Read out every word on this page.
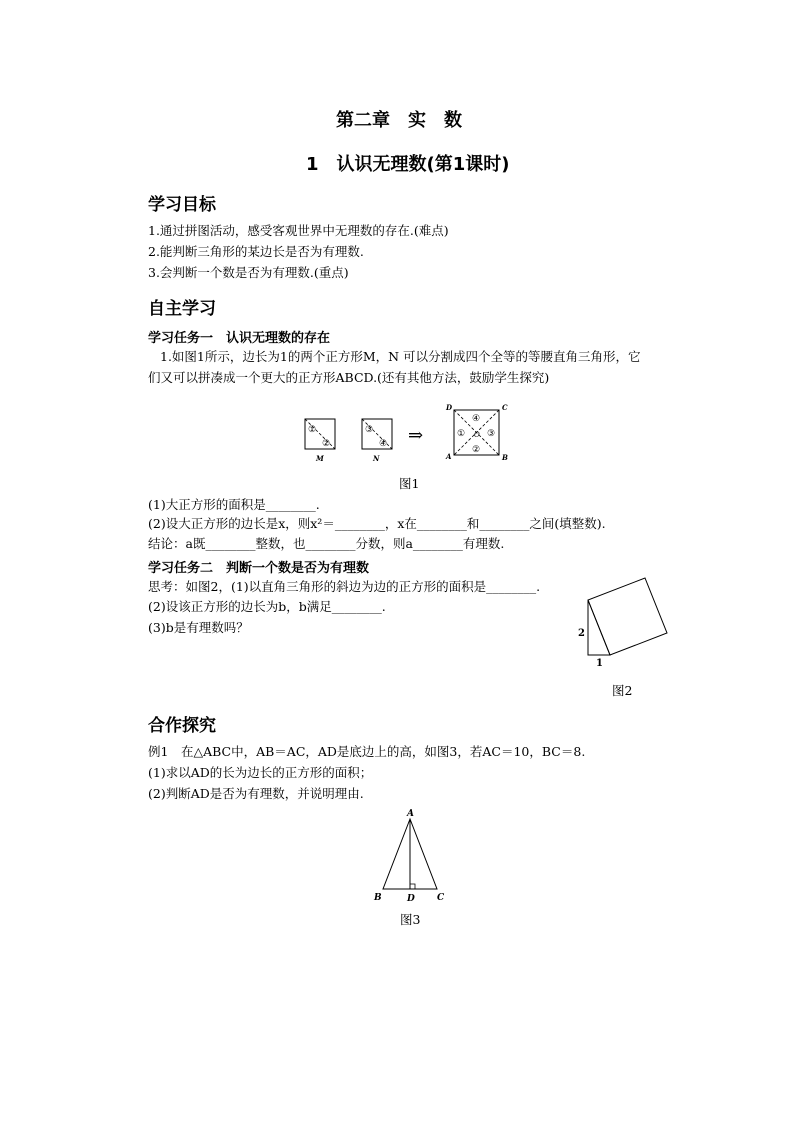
第二章　实　数
1　认识无理数(第1课时)
学习目标
1.通过拼图活动，感受客观世界中无理数的存在.(难点)
2.能判断三角形的某边长是否为有理数.
3.会判断一个数是否为有理数.(重点)
自主学习
学习任务一　认识无理数的存在
1.如图1所示，边长为1的两个正方形M，N 可以分割成四个全等的等腰直角三角形，它
们又可以拼凑成一个更大的正方形ABCD.(还有其他方法，鼓励学生探究)
①
②
M
③
④
N
⇒
④
① ③
②
O
D	C
A	B
图1
(1)大正方形的面积是________.
(2)设大正方形的边长是x，则x²＝________，x在________和________之间(填整数).
结论：a既________整数，也________分数，则a________有理数.
学习任务二　判断一个数是否为有理数
思考：如图2，(1)以直角三角形的斜边为边的正方形的面积是________.
(2)设该正方形的边长为b，b满足________.
(3)b是有理数吗？	2
1
图2
合作探究
例1　在△ABC中，AB＝AC，AD是底边上的高，如图3，若AC＝10，BC＝8.
(1)求以AD的长为边长的正方形的面积；
(2)判断AD是否为有理数，并说明理由.
A
B	D C
图3
